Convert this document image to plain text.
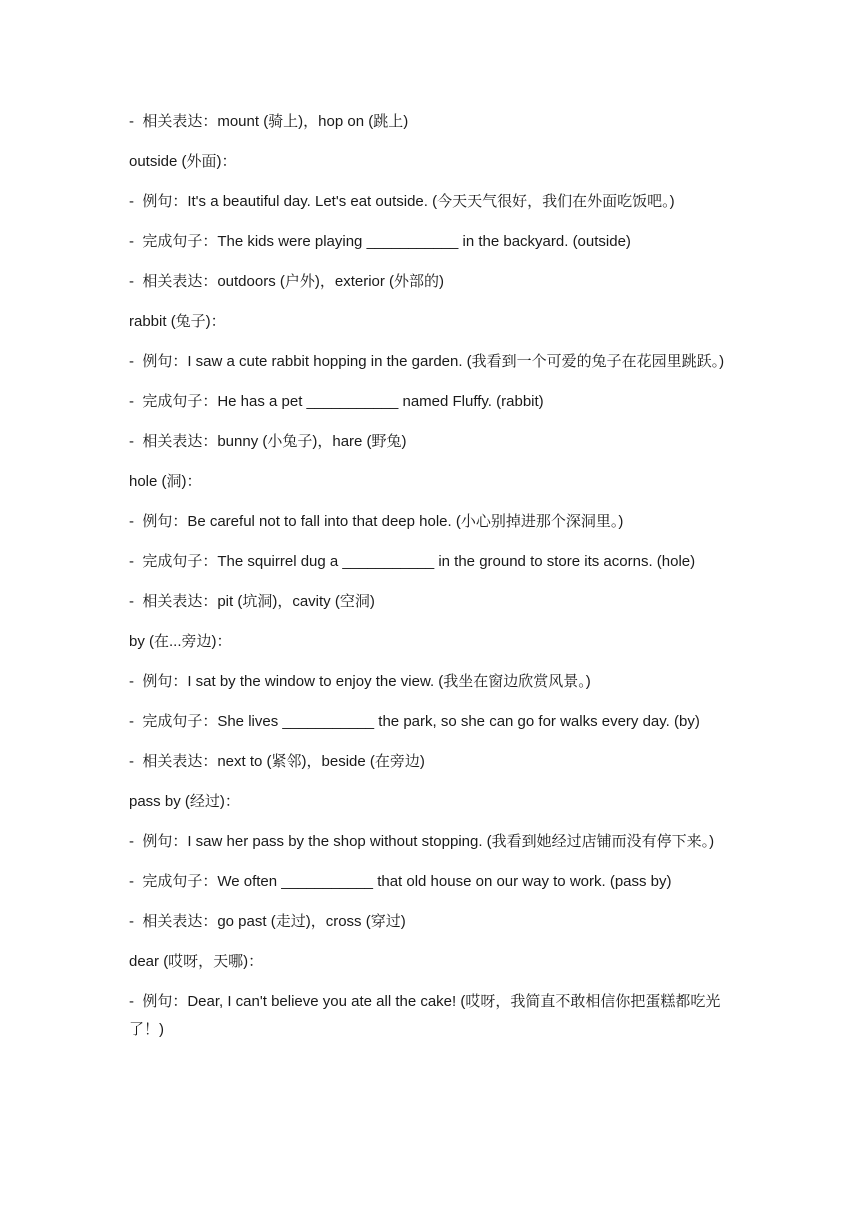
-  相关表达：mount (骑上)，hop on (跳上)

outside (外面)：

-  例句：It's a beautiful day. Let's eat outside. (今天天气很好，我们在外面吃饭吧。)

-  完成句子：The kids were playing ___________ in the backyard. (outside)

-  相关表达：outdoors (户外)，exterior (外部的)

rabbit (兔子)：

-  例句：I saw a cute rabbit hopping in the garden. (我看到一个可爱的兔子在花园里跳跃。)

-  完成句子：He has a pet ___________ named Fluffy. (rabbit)

-  相关表达：bunny (小兔子)，hare (野兔)

hole (洞)：

-  例句：Be careful not to fall into that deep hole. (小心别掉进那个深洞里。)

-  完成句子：The squirrel dug a ___________ in the ground to store its acorns. (hole)

-  相关表达：pit (坑洞)，cavity (空洞)

by (在...旁边)：

-  例句：I sat by the window to enjoy the view. (我坐在窗边欣赏风景。)

-  完成句子：She lives ___________ the park, so she can go for walks every day. (by)

-  相关表达：next to (紧邻)，beside (在旁边)

pass by (经过)：

-  例句：I saw her pass by the shop without stopping. (我看到她经过店铺而没有停下来。)

-  完成句子：We often ___________ that old house on our way to work. (pass by)

-  相关表达：go past (走过)，cross (穿过)

dear (哎呀，天哪)：

-  例句：Dear, I can't believe you ate all the cake! (哎呀，我简直不敢相信你把蛋糕都吃光了！)
